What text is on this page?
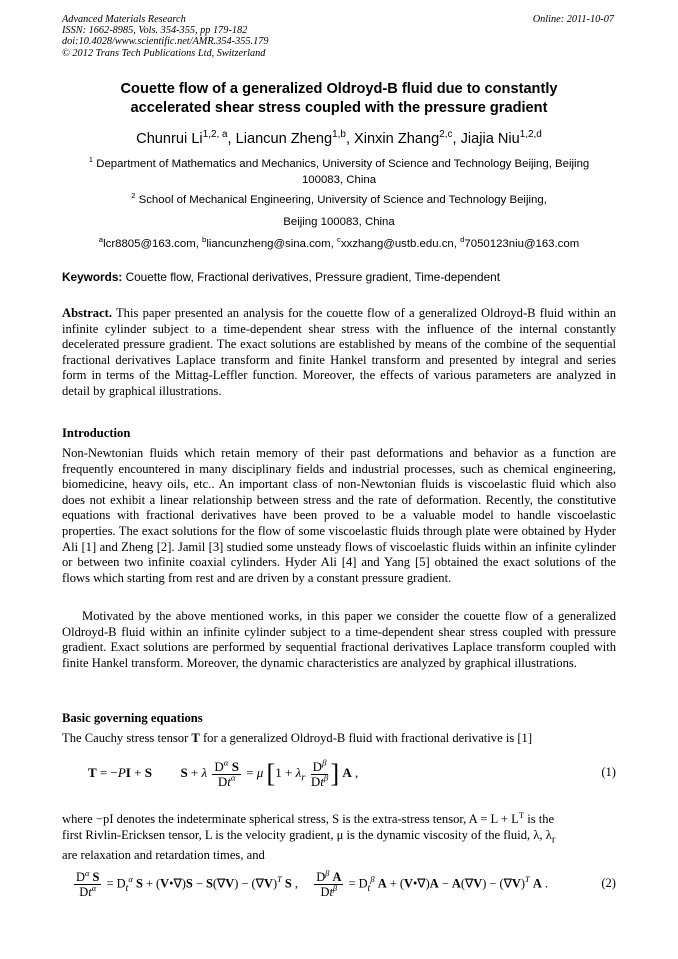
Advanced Materials Research
ISSN: 1662-8985, Vols. 354-355, pp 179-182
doi:10.4028/www.scientific.net/AMR.354-355.179
© 2012 Trans Tech Publications Ltd, Switzerland
Online: 2011-10-07
Couette flow of a generalized Oldroyd-B fluid due to constantly
accelerated shear stress coupled with the pressure gradient
Chunrui Li$^{1,2, a}$, Liancun Zheng$^{1,b}$, Xinxin Zhang$^{2,c}$, Jiajia Niu$^{1,2,d}$
$^1$ Department of Mathematics and Mechanics, University of Science and Technology Beijing, Beijing
100083, China
$^2$ School of Mechanical Engineering, University of Science and Technology Beijing,
Beijing 100083, China
$^a$lcr8805@163.com, $^b$liancunzheng@sina.com, $^c$xxzhang@ustb.edu.cn, $^d$7050123niu@163.com
Keywords: Couette flow, Fractional derivatives, Pressure gradient, Time-dependent
Abstract. This paper presented an analysis for the couette flow of a generalized Oldroyd-B fluid within an infinite cylinder subject to a time-dependent shear stress with the influence of the internal constantly decelerated pressure gradient. The exact solutions are established by means of the combine of the sequential fractional derivatives Laplace transform and finite Hankel transform and presented by integral and series form in terms of the Mittag-Leffler function. Moreover, the effects of various parameters are analyzed in detail by graphical illustrations.
Introduction

Non-Newtonian fluids which retain memory of their past deformations and behavior as a function are frequently encountered in many disciplinary fields and industrial processes, such as chemical engineering, biomedicine, heavy oils, etc.. An important class of non-Newtonian fluids is viscoelastic fluid which also does not exhibit a linear relationship between stress and the rate of deformation. Recently, the constitutive equations with fractional derivatives have been proved to be a valuable model to handle viscoelastic properties. The exact solutions for the flow of some viscoelastic fluids through plate were obtained by Hyder Ali [1] and Zheng [2]. Jamil [3] studied some unsteady flows of viscoelastic fluids within an infinite cylinder or between two infinite coaxial cylinders. Hyder Ali [4] and Yang [5] obtained the exact solutions of the flows which starting from rest and are driven by a constant pressure gradient.

Motivated by the above mentioned works, in this paper we consider the couette flow of a generalized Oldroyd-B fluid within an infinite cylinder subject to a time-dependent shear stress coupled with pressure gradient. Exact solutions are performed by sequential fractional derivatives Laplace transform coupled with finite Hankel transform. Moreover, the dynamic characteristics are analyzed by graphical illustrations.

Basic governing equations
The Cauchy stress tensor T for a generalized Oldroyd-B fluid with fractional derivative is [1]
T = −PI + S S + λ $\frac{D^\alpha S}{Dt^\alpha} = \mu$ [$1 + \lambda_r \frac{D^\beta}{Dt^\beta}$ ] A ,	(1)
where −pI denotes the indeterminate spherical stress, S is the extra-stress tensor, $A = L + L^T$ is the
first Rivlin-Ericksen tensor, L is the velocity gradient, μ is the dynamic viscosity of the fluid, λ, $\lambda_r$
are relaxation and retardation times, and
$\frac{D^\alpha S}{Dt^\alpha} = D_t^\alpha$ S + (V•∇)S − $S(\nabla V) - (\nabla V)^T$ S , $\frac{D^\beta A}{Dt^\beta} = D_t^\beta$ A + (V•∇)A − $A(\nabla V) - (\nabla V)^T$ A .	(2)
